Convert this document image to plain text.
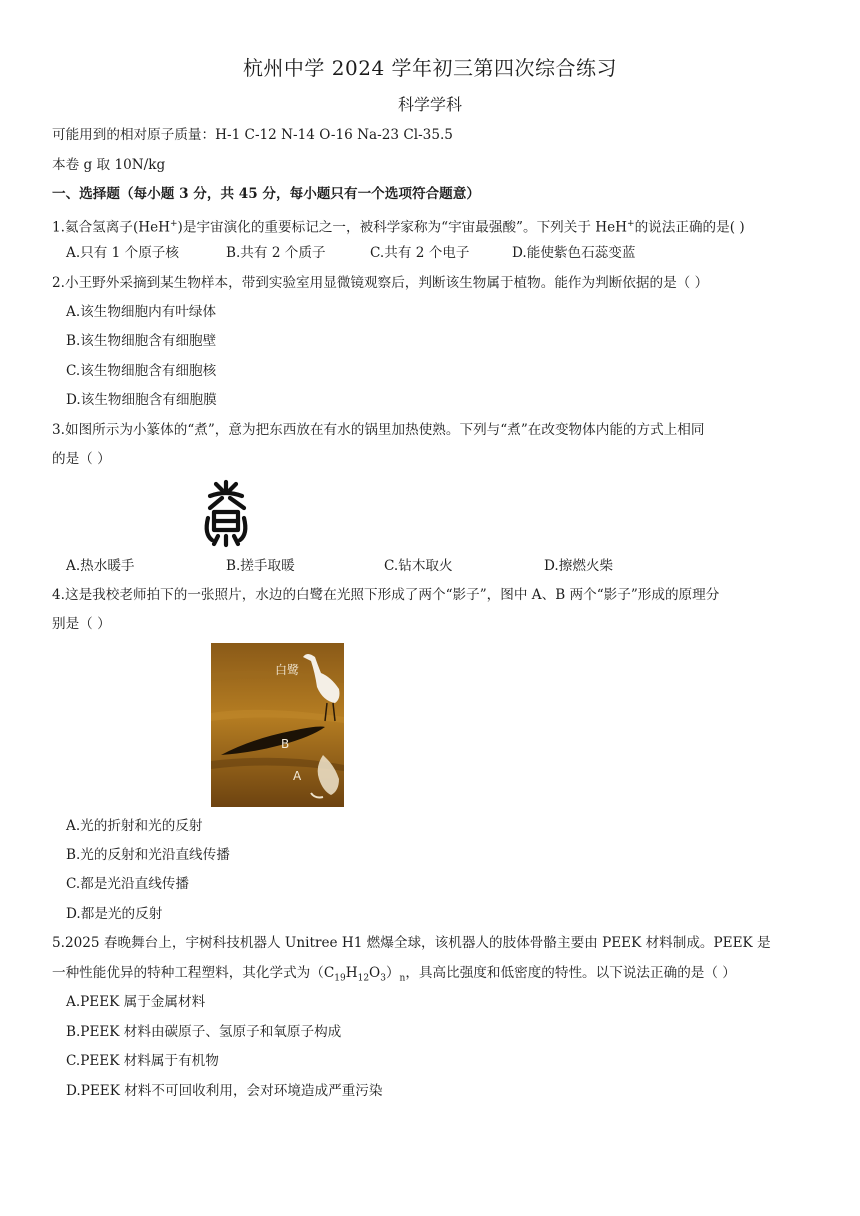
杭州中学 2024 学年初三第四次综合练习
科学学科
可能用到的相对原子质量：H-1 C-12 N-14 O-16 Na-23 Cl-35.5
本卷 g 取 10N/kg
一、选择题（每小题 3 分，共 45 分，每小题只有一个选项符合题意）
1.氦合氢离子(HeH+)是宇宙演化的重要标记之一，被科学家称为“宇宙最强酸”。下列关于 HeH+的说法正确的是( )
A.只有 1 个原子核	B.共有 2 个质子	C.共有 2 个电子	D.能使紫色石蕊变蓝
2.小王野外采摘到某生物样本，带到实验室用显微镜观察后，判断该生物属于植物。能作为判断依据的是（ ）
A.该生物细胞内有叶绿体
B.该生物细胞含有细胞壁
C.该生物细胞含有细胞核
D.该生物细胞含有细胞膜
3.如图所示为小篆体的“煮”，意为把东西放在有水的锅里加热使熟。下列与“煮”在改变物体内能的方式上相同
的是（ ）
A.热水暖手	B.搓手取暖	C.钻木取火	D.擦燃火柴
4.这是我校老师拍下的一张照片，水边的白鹭在光照下形成了两个“影子”，图中 A、B 两个“影子”形成的原理分
别是（ ）
白鹭
B
A
A.光的折射和光的反射
B.光的反射和光沿直线传播
C.都是光沿直线传播
D.都是光的反射
5.2025 春晚舞台上，宇树科技机器人 Unitree H1 燃爆全球，该机器人的肢体骨骼主要由 PEEK 材料制成。PEEK 是
一种性能优异的特种工程塑料，其化学式为$(C_{19}H_{12}O_3)_n$，具高比强度和低密度的特性。以下说法正确的是（ ）
A.PEEK 属于金属材料
B.PEEK 材料由碳原子、氢原子和氧原子构成
C.PEEK 材料属于有机物
D.PEEK 材料不可回收利用，会对环境造成严重污染
